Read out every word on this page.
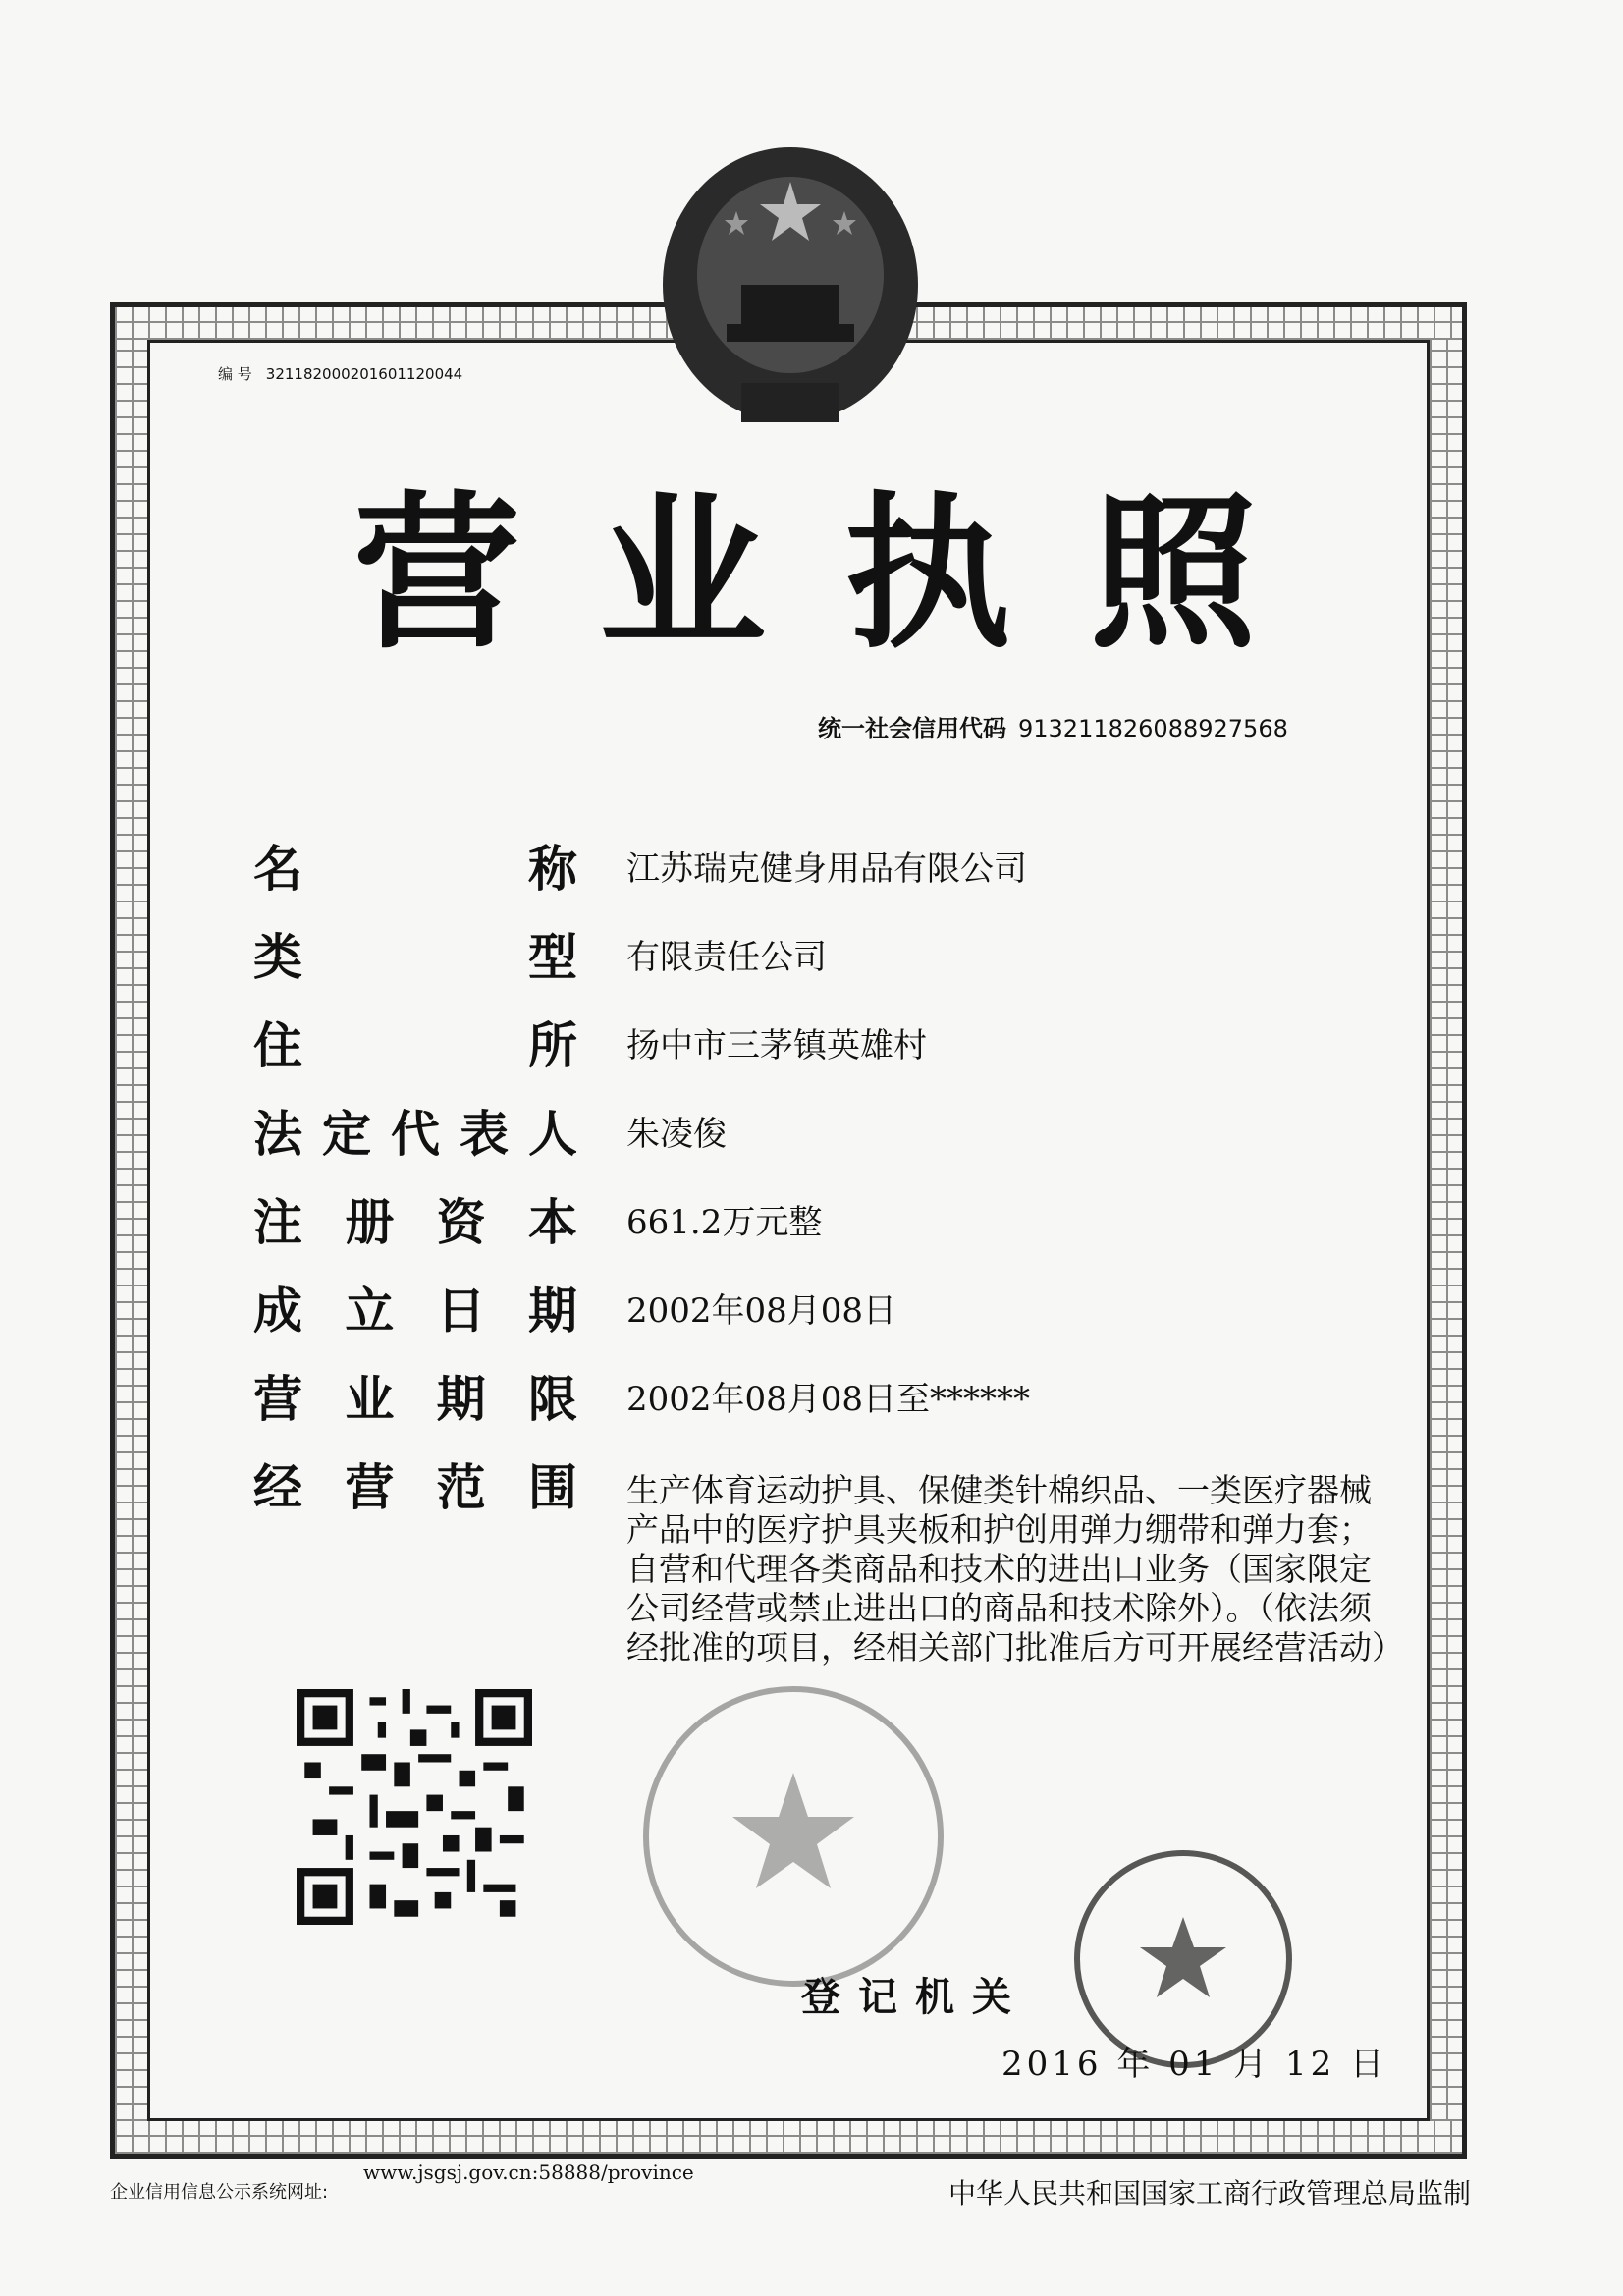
编 号 321182000201601120044
营 业 执 照
统一社会信用代码 913211826088927568
名	称 江苏瑞克健身用品有限公司
类	型 有限责任公司
住	所 扬中市三茅镇英雄村
法 定 代 表 人 朱凌俊
注 册 资 本 661.2万元整
成 立 日 期 2002年08月08日
营 业 期 限 2002年08月08日至******
经 营 范 围 生产体育运动护具、保健类针棉织品、一类医疗器械产品中的医疗护具夹板和护创用弹力绷带和弹力套；自营和代理各类商品和技术的进出口业务（国家限定公司经营或禁止进出口的商品和技术除外）。（依法须经批准的项目，经相关部门批准后方可开展经营活动）
登记机关
2016 年 01 月 12 日
企业信用信息公示系统网址:
www.jsgsj.gov.cn:58888/province
中华人民共和国国家工商行政管理总局监制
